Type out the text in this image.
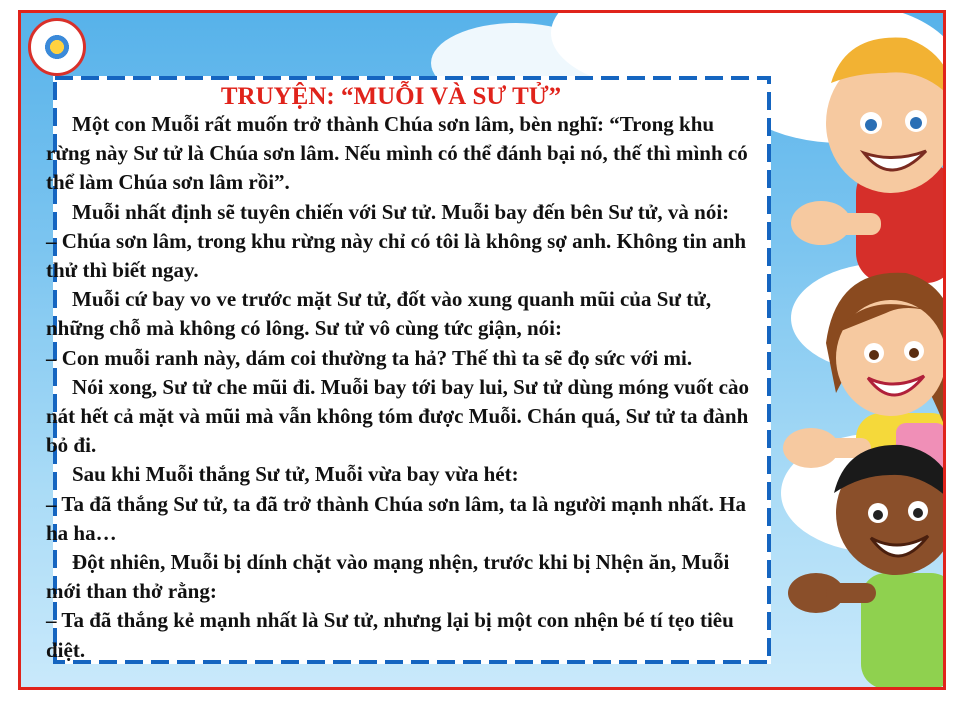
TRUYỆN: “MUỖI VÀ SƯ TỬ”

Một con Muỗi rất muốn trở thành Chúa sơn lâm, bèn nghĩ: “Trong khu rừng này Sư tử là Chúa sơn lâm. Nếu mình có thể đánh bại nó, thế thì mình có thể làm Chúa sơn lâm rồi”.

Muỗi nhất định sẽ tuyên chiến với Sư tử. Muỗi bay đến bên Sư tử, và nói:

– Chúa sơn lâm, trong khu rừng này chỉ có tôi là không sợ anh. Không tin anh thử thì biết ngay.

Muỗi cứ bay vo ve trước mặt Sư tử, đốt vào xung quanh mũi của Sư tử, những chỗ mà không có lông. Sư tử vô cùng tức giận, nói:

– Con muỗi ranh này, dám coi thường ta hả? Thế thì ta sẽ đọ sức với mi.

Nói xong, Sư tử che mũi đi. Muỗi bay tới bay lui, Sư tử dùng móng vuốt cào nát hết cả mặt và mũi mà vẫn không tóm được Muỗi. Chán quá, Sư tử ta đành bỏ đi.

Sau khi Muỗi thắng Sư tử, Muỗi vừa bay vừa hét:

– Ta đã thắng Sư tử, ta đã trở thành Chúa sơn lâm, ta là người mạnh nhất. Ha ha ha…

Đột nhiên, Muỗi bị dính chặt vào mạng nhện, trước khi bị Nhện ăn, Muỗi mới than thở rằng:

– Ta đã thắng kẻ mạnh nhất là Sư tử, nhưng lại bị một con nhện bé tí tẹo tiêu diệt.
